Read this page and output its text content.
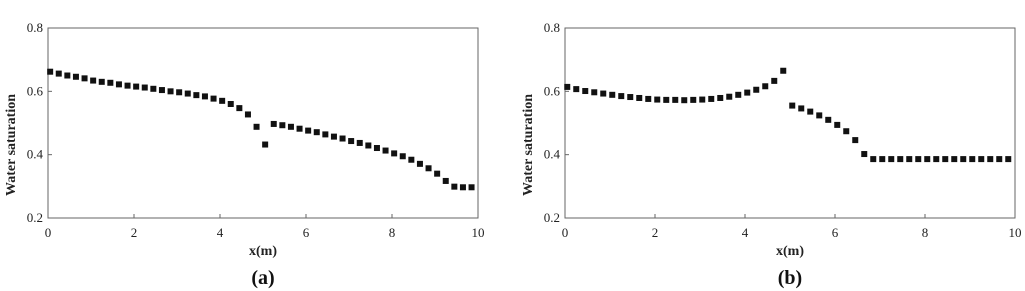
0	2	4	6	8	10
0.2
0.4
0.6
0.8
x(m)
Water saturation
(a)
0	2	4	6	8	10
0.2
0.4
0.6
0.8
x(m)
Water saturation
(b)
